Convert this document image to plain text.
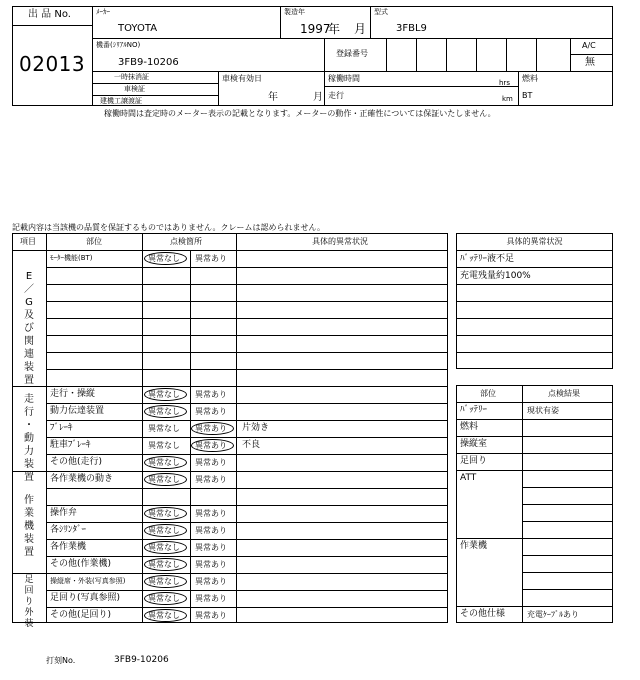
出 品 No.
02013
ﾒｰｶｰ
TOYOTA
製造年
1997
年 月
型式
3FBL9
機番(ｼﾘｱﾙNO)
3FB9-10206
登録番号
A/C
無
一時抹消証
車検証
建機工譲渡証
車検有効日
年	月
稼働時間	hrs
走行	km
燃料
BT
稼働時間は査定時のメーター表示の記載となります。メーターの動作・正確性については保証いたしません。
記載内容は当該機の品質を保証するものではありません。クレームは認められません。
項目	部位	点検箇所	具体的異常状況
E
／
G
及
び
関
連
装
置
走
行
・
動
力
装
置
作
業
機
装
置
足
回
り
外
装
ﾓｰﾀｰ機能(BT)	異常なし 異常あり
走行・操縦	異常なし 異常あり
動力伝達装置	異常なし 異常あり
ﾌﾞﾚｰｷ	異常なし 異常あり 片効き
駐車ﾌﾞﾚｰｷ	異常なし 異常あり 不良
その他(走行)	異常なし 異常あり
各作業機の動き	異常なし 異常あり
操作弁	異常なし 異常あり
各ｼﾘﾝﾀﾞｰ	異常なし 異常あり
各作業機	異常なし 異常あり
その他(作業機)	異常なし 異常あり
操縦席・外装(写真参照)	異常なし 異常あり
足回り(写真参照)	異常なし 異常あり
その他(足回り)	異常なし 異常あり
具体的異常状況
ﾊﾞｯﾃﾘｰ液不足
充電残量約100%
部位	点検結果
ﾊﾞｯﾃﾘｰ	現状有姿
燃料
操縦室
足回り
ATT
作業機
その他仕様	充電ｹｰﾌﾞﾙあり
打刻No.	3FB9-10206
